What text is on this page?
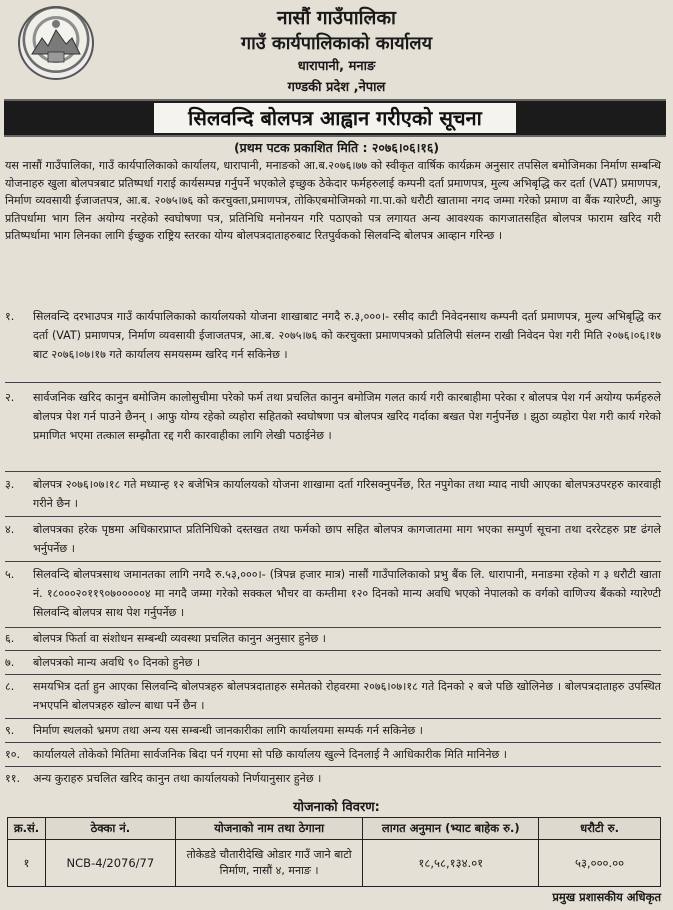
नासौं गाउँपालिका
गाउँ कार्यपालिकाको कार्यालय
धारापानी, मनाङ
गण्डकी प्रदेश ,नेपाल
सिलवन्दि बोलपत्र आह्वान गरीएको सूचना
(प्रथम पटक प्रकाशित मिति : २०७६।०६।१६)
यस नासौं गाउँपालिका, गाउँ कार्यपालिकाको कार्यालय, धारापानी, मनाङको आ.ब.२०७६।७७ को स्वीकृत वार्षिक कार्यक्रम अनुसार तपसिल बमोजिमका निर्माण सम्बन्धि योजनाहरु खुला बोलपत्रबाट प्रतिष्पर्धा गराई कार्यसम्पन्न गर्नुपर्ने भएकोले इच्छुक ठेकेदार फर्महरुलाई कम्पनी दर्ता प्रमाणपत्र, मुल्य अभिबृद्धि कर दर्ता (VAT) प्रमाणपत्र, निर्माण व्यवसायी ईजाजतपत्र, आ.ब. २०७५।७६ को करचुक्ता,प्रमाणपत्र, तोकिएबमोजिमको गा.पा.को धरौटी खातामा नगद जम्मा गरेको प्रमाण वा बैंक ग्यारेण्टी, आफु प्रतिपर्धामा भाग लिन अयोग्य नरहेको स्वघोषणा पत्र, प्रतिनिधि मनोनयन गरि पठाएको पत्र लगायत अन्य आवश्यक कागजातसहित बोलपत्र फाराम खरिद गरी प्रतिष्पर्धामा भाग लिनका लागि ईच्छुक राष्ट्रिय स्तरका योग्य बोलपत्रदाताहरुबाट रितपुर्वकको सिलवन्दि बोलपत्र आव्हान गरिन्छ ।
१.	सिलवन्दि दरभाउपत्र गाउँ कार्यपालिकाको कार्यालयको योजना शाखाबाट नगदै रु.३,०००।- रसीद काटी निवेदनसाथ कम्पनी दर्ता प्रमाणपत्र, मुल्य अभिबृद्धि कर दर्ता (VAT) प्रमाणपत्र, निर्माण व्यवसायी ईजाजतपत्र, आ.ब. २०७५।७६ को करचुक्ता प्रमाणपत्रको प्रतिलिपी संलग्न राखी निवेदन पेश गरी मिति २०७६।०६।१७ बाट २०७६।०७।१७ गते कार्यालय समयसम्म खरिद गर्न सकिनेछ ।
२.	सार्वजनिक खरिद कानुन बमोजिम कालोसुचीमा परेको फर्म तथा प्रचलित कानुन बमोजिम गलत कार्य गरी कारबाहीमा परेका र बोलपत्र पेश गर्न अयोग्य फर्महरुले बोलपत्र पेश गर्न पाउने छैनन् । आफु योग्य रहेको व्यहोरा सहितको स्वघोषणा पत्र बोलपत्र खरिद गर्दाका बखत पेश गर्नुपर्नेछ । झुठा व्यहोरा पेश गरी कार्य गरेको प्रमाणित भएमा तत्काल सम्झौता रद्द गरी कारवाहीका लागि लेखी पठाईनेछ ।
३.	बोलपत्र २०७६।०७।१८ गते मध्यान्ह १२ बजेभित्र कार्यालयको योजना शाखामा दर्ता गरिसक्नुपर्नेछ, रित नपुगेका तथा म्याद नाघी आएका बोलपत्रउपरहरु कारवाही गरीने छैन ।
४.	बोलपत्रका हरेक पृष्ठमा अधिकारप्राप्त प्रतिनिधिको दस्तखत तथा फर्मको छाप सहित बोलपत्र कागजातमा माग भएका सम्पुर्ण सूचना तथा दररेटहरु प्रष्ट ढंगले भर्नुपर्नेछ ।
५.	सिलवन्दि बोलपत्रसाथ जमानतका लागि नगदै रु.५३,०००।- (त्रिपन्न हजार मात्र) नासौं गाउँपालिकाको प्रभु बैंक लि. धारापानी, मनाङमा रहेको ग ३ धरौटी खाता नं. १८०००२०११९०७०००००४ मा नगदै जम्मा गरेको सक्कल भौचर वा कम्तीमा १२० दिनको मान्य अवधि भएको नेपालको क वर्गको वाणिज्य बैंकको ग्यारेण्टी सिलवन्दि बोलपत्र साथ पेश गर्नुपर्नेछ ।
६.	बोलपत्र फिर्ता वा संशोधन सम्बन्धी व्यवस्था प्रचलित कानुन अनुसार हुनेछ ।
७.	बोलपत्रको मान्य अवधि ९० दिनको हुनेछ ।
८.	समयभित्र दर्ता हुन आएका सिलवन्दि बोलपत्रहरु बोलपत्रदाताहरु समेतको रोहवरमा २०७६।०७।१८ गते दिनको २ बजे पछि खोलिनेछ । बोलपत्रदाताहरु उपस्थित नभएपनि बोलपत्रहरु खोल्न बाधा पर्ने छैन ।
९.	निर्माण स्थलको भ्रमण तथा अन्य यस सम्बन्धी जानकारीका लागि कार्यालयमा सम्पर्क गर्न सकिनेछ ।
१०.	कार्यालयले तोकेको मितिमा सार्वजनिक बिदा पर्न गएमा सो पछि कार्यालय खुल्ने दिनलाई नै आधिकारीक मिति मानिनेछ ।
११.	अन्य कुराहरु प्रचलित खरिद कानुन तथा कार्यालयको निर्णयानुसार हुनेछ ।
योजनाको विवरण:
क्र.सं.	ठेक्का नं.	योजनाको नाम तथा ठेगाना	लागत अनुमान (भ्याट बाहेक रु.)	धरौटी रु.
१	NCB-4/2076/77	तोकेडडे चौतारीदेखि ओडार गाउँ जाने बाटो निर्माण, नासौं ४, मनाङ ।	१८,५८,१३४.०१	५३,०००.००
प्रमुख प्रशासकीय अधिकृत
